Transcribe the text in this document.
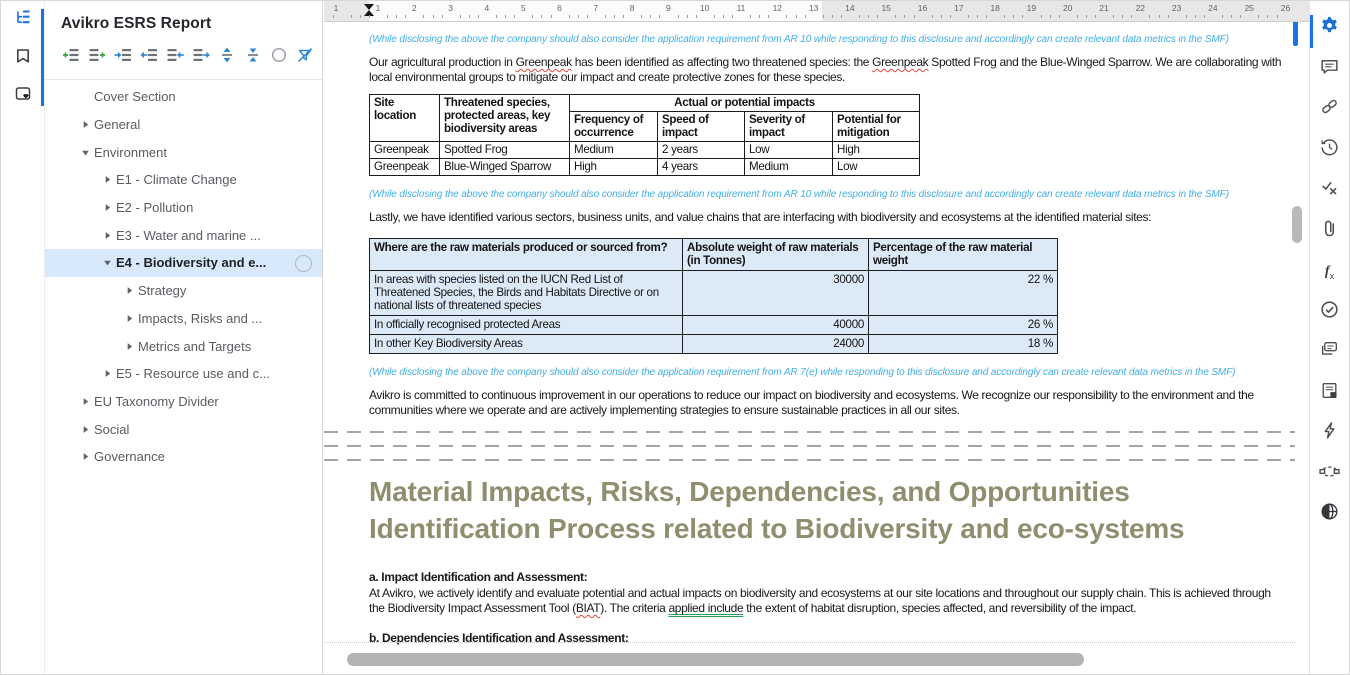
Avikro ESRS Report
Cover Section
General
Environment
E1 - Climate Change
E2 - Pollution
E3 - Water and marine ...
E4 - Biodiversity and e...
Strategy
Impacts, Risks and ...
Metrics and Targets
E5 - Resource use and c...
EU Taxonomy Divider
Social
Governance
1	1	2	3	4	5	6	7	8	9	10	11	12	13	14	15	16	17	18	19	20	21	22	23	24	25	26
(While disclosing the above the company should also consider the application requirement from AR 10 while responding to this disclosure and accordingly can create relevant data metrics in the SMF)
Our agricultural production in Greenpeak has been identified as affecting two threatened species: the Greenpeak Spotted Frog and the Blue-Winged Sparrow. We are collaborating with local environmental groups to mitigate our impact and create protective zones for these species.
Site location	Threatened species, protected areas, key biodiversity areas	Actual or potential impacts			
		Frequency of occurrence	Speed of impact	Severity of impact	Potential for mitigation
Greenpeak	Spotted Frog	Medium	2 years	Low	High
Greenpeak	Blue-Winged Sparrow	High	4 years	Medium	Low
(While disclosing the above the company should also consider the application requirement from AR 10 while responding to this disclosure and accordingly can create relevant data metrics in the SMF)
Lastly, we have identified various sectors, business units, and value chains that are interfacing with biodiversity and ecosystems at the identified material sites:
Where are the raw materials produced or sourced from?	Absolute weight of raw materials (in Tonnes)	Percentage of the raw material weight
In areas with species listed on the IUCN Red List of Threatened Species, the Birds and Habitats Directive or on national lists of threatened species	30000	22 %
In officially recognised protected Areas	40000	26 %
In other Key Biodiversity Areas	24000	18 %
(While disclosing the above the company should also consider the application requirement from AR 7(e) while responding to this disclosure and accordingly can create relevant data metrics in the SMF)
Avikro is committed to continuous improvement in our operations to reduce our impact on biodiversity and ecosystems. We recognize our responsibility to the environment and the communities where we operate and are actively implementing strategies to ensure sustainable practices in all our sites.
Material Impacts, Risks, Dependencies, and Opportunities Identification Process related to Biodiversity and eco-systems
a. Impact Identification and Assessment:
At Avikro, we actively identify and evaluate potential and actual impacts on biodiversity and ecosystems at our site locations and throughout our supply chain. This is achieved through the Biodiversity Impact Assessment Tool (BIAT). The criteria applied include the extent of habitat disruption, species affected, and reversibility of the impact.
b. Dependencies Identification and Assessment:
$f_x$
